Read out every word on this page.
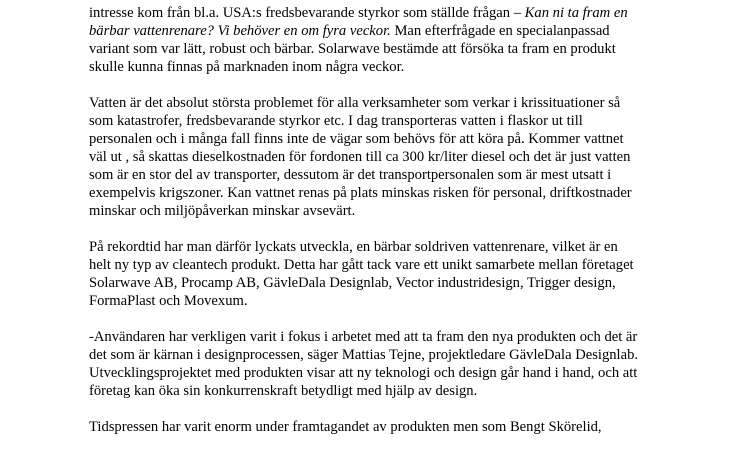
intresse kom från bl.a. USA:s fredsbevarande styrkor som ställde frågan – Kan ni ta fram en
bärbar vattenrenare? Vi behöver en om fyra veckor. Man efterfrågade en specialanpassad
variant som var lätt, robust och bärbar. Solarwave bestämde att försöka ta fram en produkt
skulle kunna finnas på marknaden inom några veckor.

Vatten är det absolut största problemet för alla verksamheter som verkar i krissituationer så
som katastrofer, fredsbevarande styrkor etc. I dag transporteras vatten i flaskor ut till
personalen och i många fall finns inte de vägar som behövs för att köra på. Kommer vattnet
väl ut , så skattas dieselkostnaden för fordonen till ca 300 kr/liter diesel och det är just vatten
som är en stor del av transporter, dessutom är det transportpersonalen som är mest utsatt i
exempelvis krigszoner. Kan vattnet renas på plats minskas risken för personal, driftkostnader
minskar och miljöpåverkan minskar avsevärt.

På rekordtid har man därför lyckats utveckla, en bärbar soldriven vattenrenare, vilket är en
helt ny typ av cleantech produkt. Detta har gått tack vare ett unikt samarbete mellan företaget
Solarwave AB, Procamp AB, GävleDala Designlab, Vector industridesign, Trigger design,
FormaPlast och Movexum.

-Användaren har verkligen varit i fokus i arbetet med att ta fram den nya produkten och det är
det som är kärnan i designprocessen, säger Mattias Tejne, projektledare GävleDala Designlab.
Utvecklingsprojektet med produkten visar att ny teknologi och design går hand i hand, och att
företag kan öka sin konkurrenskraft betydligt med hjälp av design.

Tidspressen har varit enorm under framtagandet av produkten men som Bengt Skörelid,
